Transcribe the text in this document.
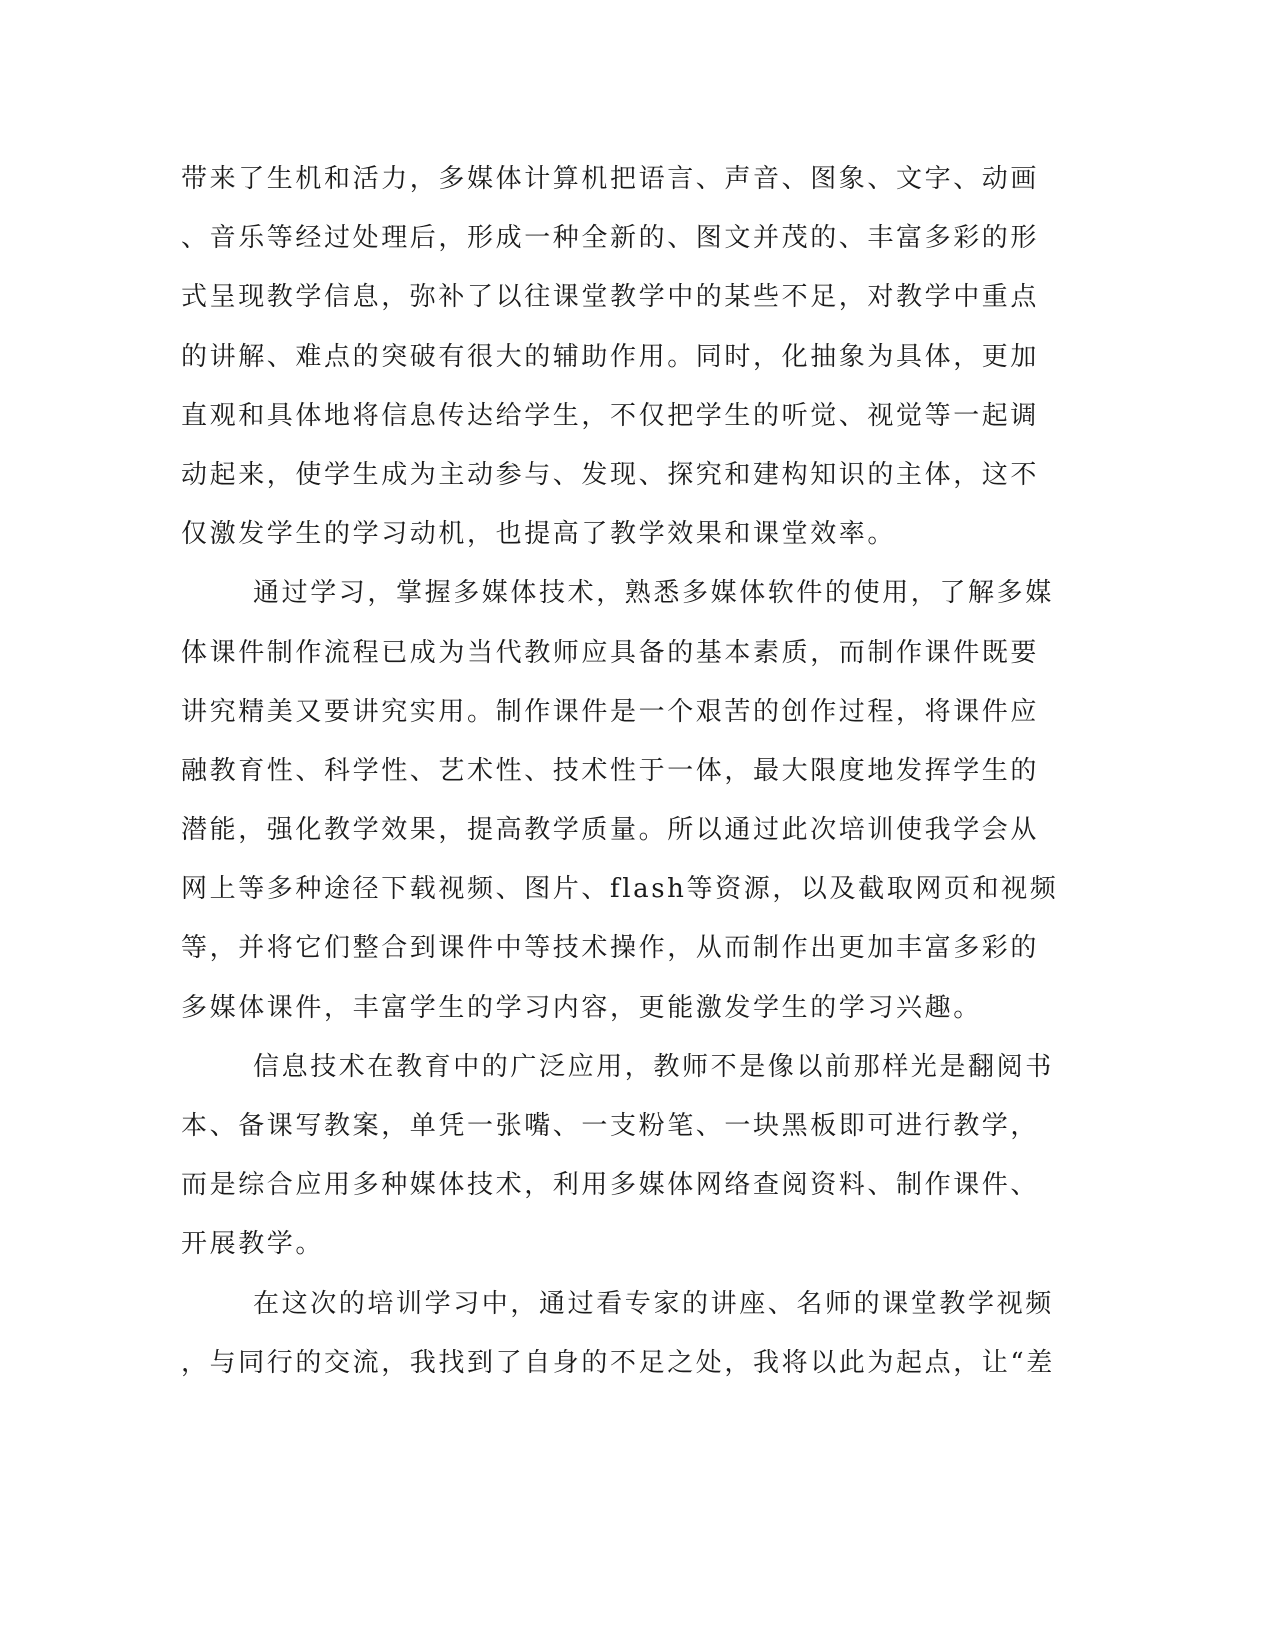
带来了生机和活力，多媒体计算机把语言、声音、图象、文字、动画
、音乐等经过处理后，形成一种全新的、图文并茂的、丰富多彩的形
式呈现教学信息，弥补了以往课堂教学中的某些不足，对教学中重点
的讲解、难点的突破有很大的辅助作用。同时，化抽象为具体，更加
直观和具体地将信息传达给学生，不仅把学生的听觉、视觉等一起调
动起来，使学生成为主动参与、发现、探究和建构知识的主体，这不
仅激发学生的学习动机，也提高了教学效果和课堂效率。
通过学习，掌握多媒体技术，熟悉多媒体软件的使用，了解多媒
体课件制作流程已成为当代教师应具备的基本素质，而制作课件既要
讲究精美又要讲究实用。制作课件是一个艰苦的创作过程，将课件应
融教育性、科学性、艺术性、技术性于一体，最大限度地发挥学生的
潜能，强化教学效果，提高教学质量。所以通过此次培训使我学会从
网上等多种途径下载视频、图片、flash等资源，以及截取网页和视频
等，并将它们整合到课件中等技术操作，从而制作出更加丰富多彩的
多媒体课件，丰富学生的学习内容，更能激发学生的学习兴趣。
信息技术在教育中的广泛应用，教师不是像以前那样光是翻阅书
本、备课写教案，单凭一张嘴、一支粉笔、一块黑板即可进行教学，
而是综合应用多种媒体技术，利用多媒体网络查阅资料、制作课件、
开展教学。
在这次的培训学习中，通过看专家的讲座、名师的课堂教学视频
，与同行的交流，我找到了自身的不足之处，我将以此为起点，让“差
